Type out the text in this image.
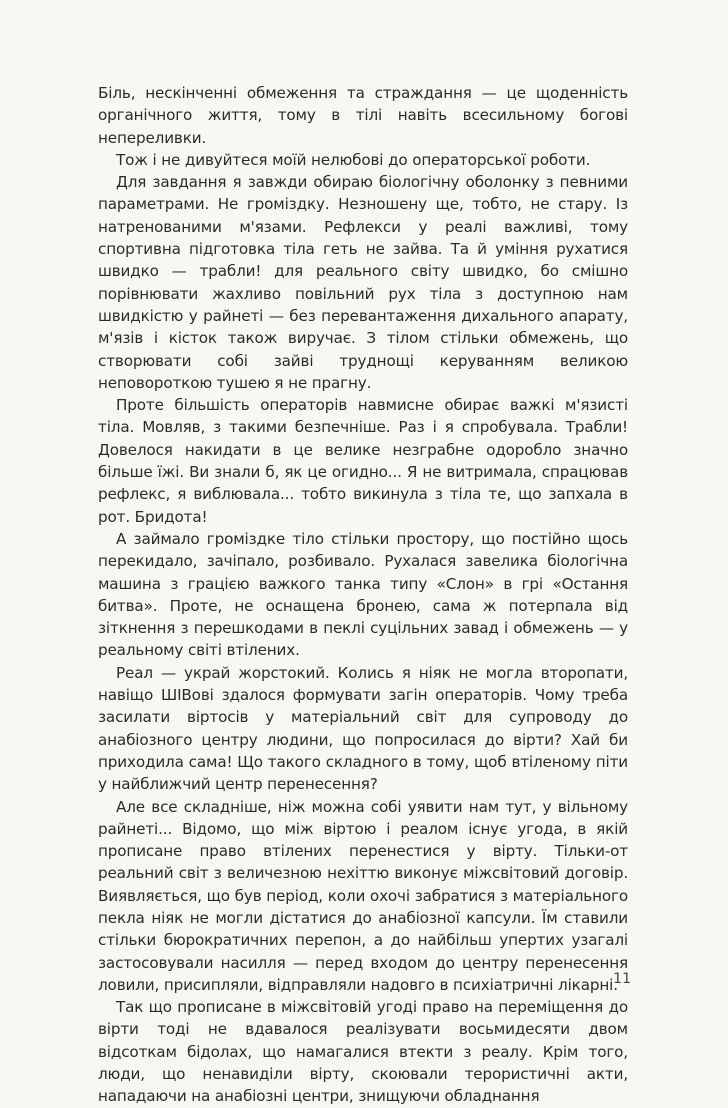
Біль, нескінченні обмеження та страждання — це щоденність органічного життя, тому в тілі навіть всесильному богові непереливки.

Тож і не дивуйтеся моїй нелюбові до операторської роботи.

Для завдання я завжди обираю біологічну оболонку з певними параметрами. Не громіздку. Незношену ще, тобто, не стару. Із натренованими м'язами. Рефлекси у реалі важливі, тому спортивна підготовка тіла геть не зайва. Та й уміння рухатися швидко — трабли! для реального світу швидко, бо смішно порівнювати жахливо повільний рух тіла з доступною нам швидкістю у райнеті — без перевантаження дихального апарату, м'язів і кісток також виручає. З тілом стільки обмежень, що створювати собі зайві труднощі керуванням великою неповороткою тушею я не прагну.

Проте більшість операторів навмисне обирає важкі м'язисті тіла. Мовляв, з такими безпечніше. Раз і я спробувала. Трабли! Довелося накидати в це велике незграбне одоробло значно більше їжі. Ви знали б, як це огидно... Я не витримала, спрацював рефлекс, я виблювала... тобто викинула з тіла те, що запхала в рот. Бридота!

А займало громіздке тіло стільки простору, що постійно щось перекидало, зачіпало, розбивало. Рухалася завелика біологічна машина з грацією важкого танка типу «Слон» в грі «Остання битва». Проте, не оснащена бронею, сама ж потерпала від зіткнення з перешкодами в пеклі суцільних завад і обмежень — у реальному світі втілених.

Реал — украй жорстокий. Колись я ніяк не могла второпати, навіщо ШІВові здалося формувати загін операторів. Чому треба засилати віртосів у матеріальний світ для супроводу до анабіозного центру людини, що попросилася до вірти? Хай би приходила сама! Що такого складного в тому, щоб втіленому піти у найближчий центр перенесення?

Але все складніше, ніж можна собі уявити нам тут, у вільному райнеті... Відомо, що між віртою і реалом існує угода, в якій прописане право втілених перенестися у вірту. Тільки-от реальний світ з величезною нехіттю виконує міжсвітовий договір. Виявляється, що був період, коли охочі забратися з матеріального пекла ніяк не могли дістатися до анабіозної капсули. Їм ставили стільки бюрократичних перепон, а до найбільш упертих узагалі застосовували насилля — перед входом до центру перенесення ловили, присипляли, відправляли надовго в психіатричні лікарні.

Так що прописане в міжсвітовій угоді право на переміщення до вірти тоді не вдавалося реалізувати восьмидесяти двом відсоткам бідолах, що намагалися втекти з реалу. Крім того, люди, що ненавиділи вірту, скоювали терористичні акти, нападаючи на анабіозні центри, знищуючи обладнання

11
